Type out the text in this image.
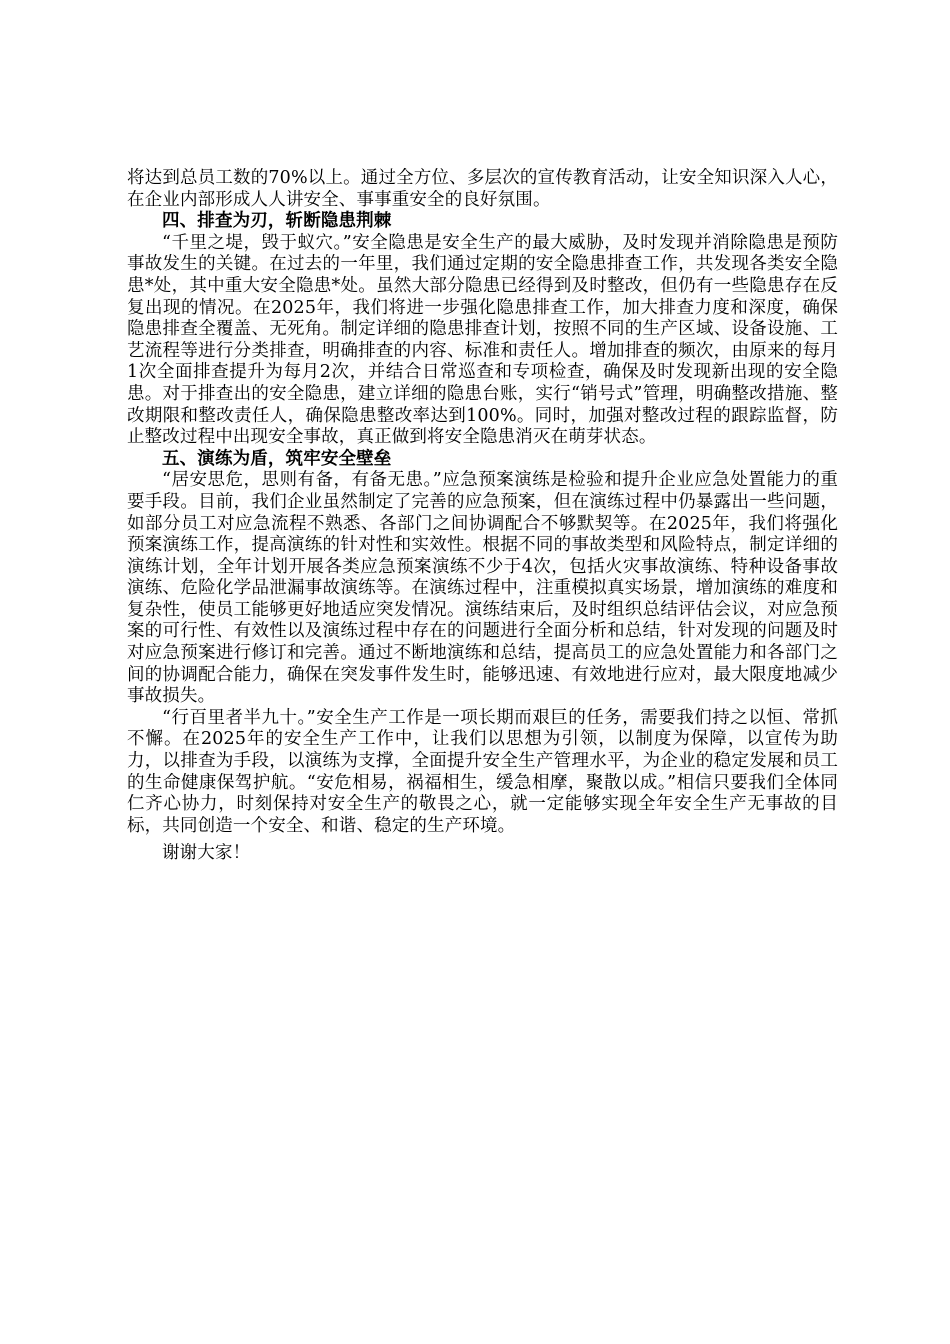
将达到总员工数的70%以上。通过全方位、多层次的宣传教育活动，让安全知识深入人心，在企业内部形成人人讲安全、事事重安全的良好氛围。

四、排查为刃，斩断隐患荆棘

“千里之堤，毁于蚁穴。”安全隐患是安全生产的最大威胁，及时发现并消除隐患是预防事故发生的关键。在过去的一年里，我们通过定期的安全隐患排查工作，共发现各类安全隐患*处，其中重大安全隐患*处。虽然大部分隐患已经得到及时整改，但仍有一些隐患存在反复出现的情况。在2025年，我们将进一步强化隐患排查工作，加大排查力度和深度，确保隐患排查全覆盖、无死角。制定详细的隐患排查计划，按照不同的生产区域、设备设施、工艺流程等进行分类排查，明确排查的内容、标准和责任人。增加排查的频次，由原来的每月1次全面排查提升为每月2次，并结合日常巡查和专项检查，确保及时发现新出现的安全隐患。对于排查出的安全隐患，建立详细的隐患台账，实行“销号式”管理，明确整改措施、整改期限和整改责任人，确保隐患整改率达到100%。同时，加强对整改过程的跟踪监督，防止整改过程中出现安全事故，真正做到将安全隐患消灭在萌芽状态。

五、演练为盾，筑牢安全壁垒

“居安思危，思则有备，有备无患。”应急预案演练是检验和提升企业应急处置能力的重要手段。目前，我们企业虽然制定了完善的应急预案，但在演练过程中仍暴露出一些问题，如部分员工对应急流程不熟悉、各部门之间协调配合不够默契等。在2025年，我们将强化预案演练工作，提高演练的针对性和实效性。根据不同的事故类型和风险特点，制定详细的演练计划，全年计划开展各类应急预案演练不少于4次，包括火灾事故演练、特种设备事故演练、危险化学品泄漏事故演练等。在演练过程中，注重模拟真实场景，增加演练的难度和复杂性，使员工能够更好地适应突发情况。演练结束后，及时组织总结评估会议，对应急预案的可行性、有效性以及演练过程中存在的问题进行全面分析和总结，针对发现的问题及时对应急预案进行修订和完善。通过不断地演练和总结，提高员工的应急处置能力和各部门之间的协调配合能力，确保在突发事件发生时，能够迅速、有效地进行应对，最大限度地减少事故损失。

“行百里者半九十。”安全生产工作是一项长期而艰巨的任务，需要我们持之以恒、常抓不懈。在2025年的安全生产工作中，让我们以思想为引领，以制度为保障，以宣传为助力，以排查为手段，以演练为支撑，全面提升安全生产管理水平，为企业的稳定发展和员工的生命健康保驾护航。“安危相易，祸福相生，缓急相摩，聚散以成。”相信只要我们全体同仁齐心协力，时刻保持对安全生产的敬畏之心，就一定能够实现全年安全生产无事故的目标，共同创造一个安全、和谐、稳定的生产环境。

谢谢大家！
